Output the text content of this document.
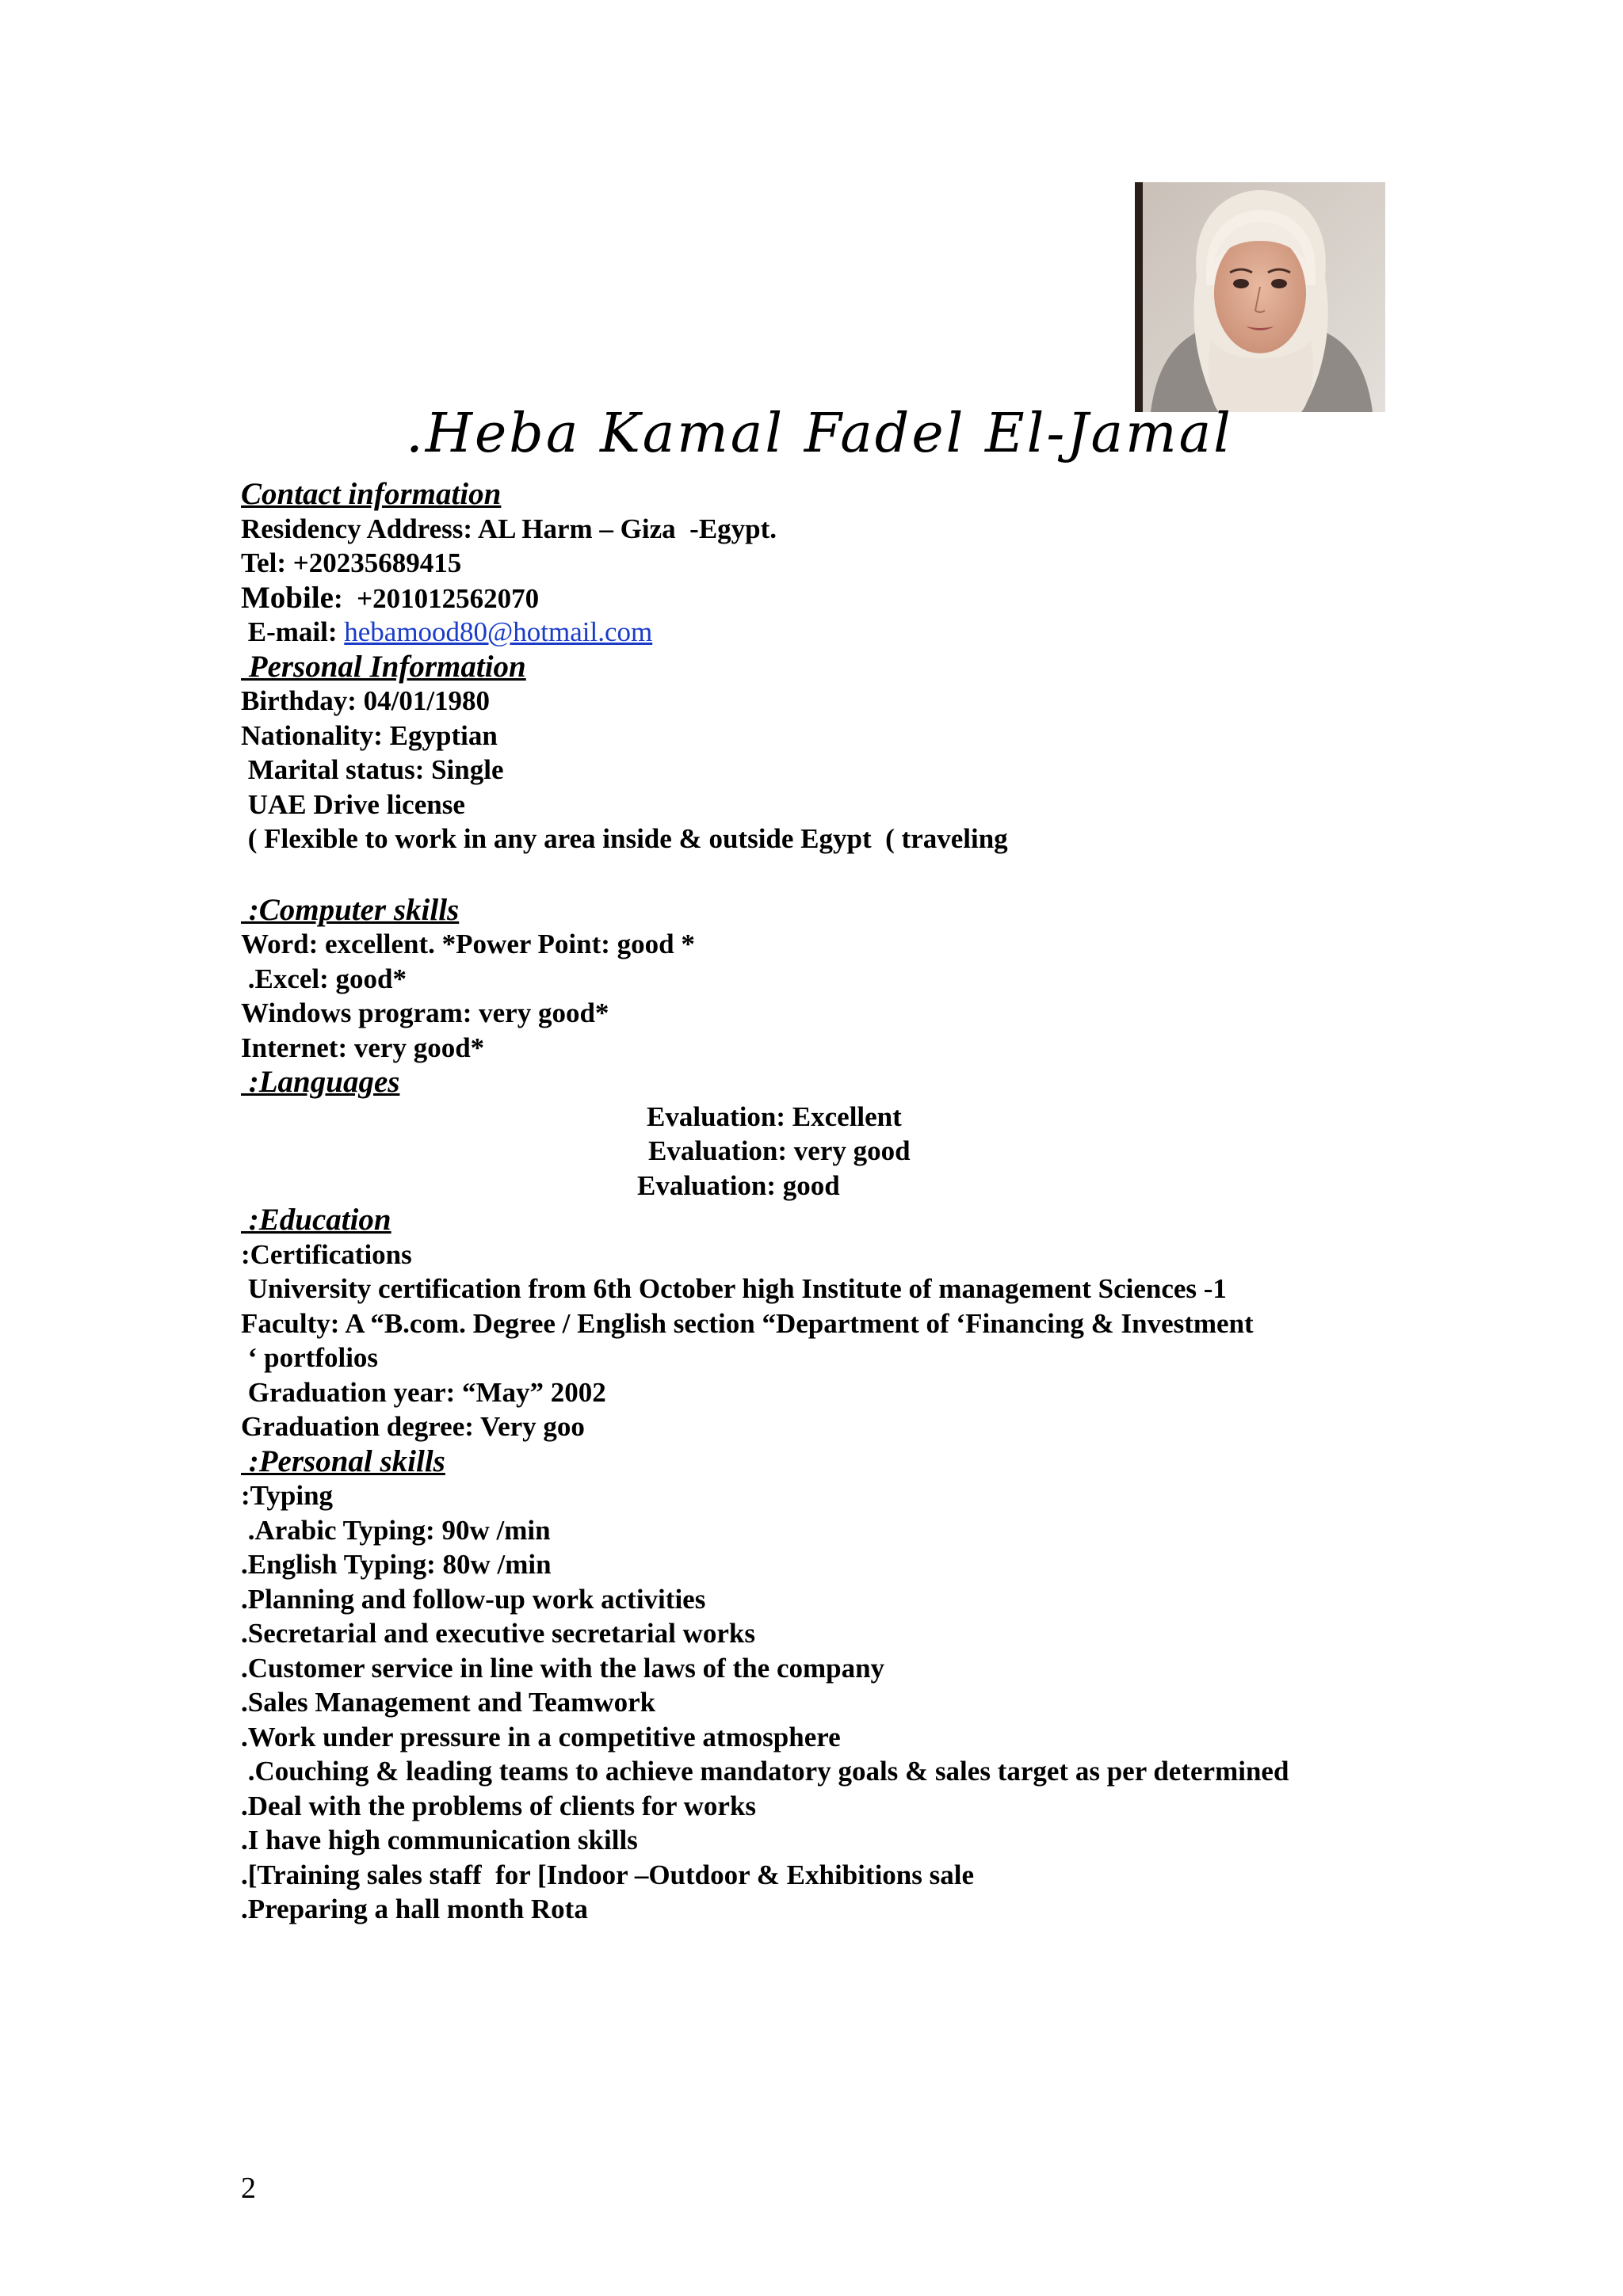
.Heba Kamal Fadel El-Jamal
Contact information
Residency Address: AL Harm – Giza  -Egypt.
Tel: +20235689415
Mobile:  +201012562070
E-mail: hebamood80@hotmail.com
Personal Information
Birthday: 04/01/1980
Nationality: Egyptian
Marital status: Single
UAE Drive license
( Flexible to work in any area inside & outside Egypt  ( traveling
:Computer skills
Word: excellent. *Power Point: good *
.Excel: good*
Windows program: very good*
Internet: very good*
:Languages

Evaluation: Excellent

Evaluation: very good

Evaluation: good

:Education
:Certifications
University certification from 6th October high Institute of management Sciences -1
Faculty: A “B.com. Degree / English section “Department of ‘Financing & Investment
‘ portfolios
Graduation year: “May” 2002
Graduation degree: Very goo
:Personal skills
:Typing
.Arabic Typing: 90w /min
.English Typing: 80w /min
.Planning and follow-up work activities
.Secretarial and executive secretarial works
.Customer service in line with the laws of the company
.Sales Management and Teamwork
.Work under pressure in a competitive atmosphere
.Couching & leading teams to achieve mandatory goals & sales target as per determined
.Deal with the problems of clients for works
.I have high communication skills
.[Training sales staff  for [Indoor –Outdoor & Exhibitions sale
.Preparing a hall month Rota
2
